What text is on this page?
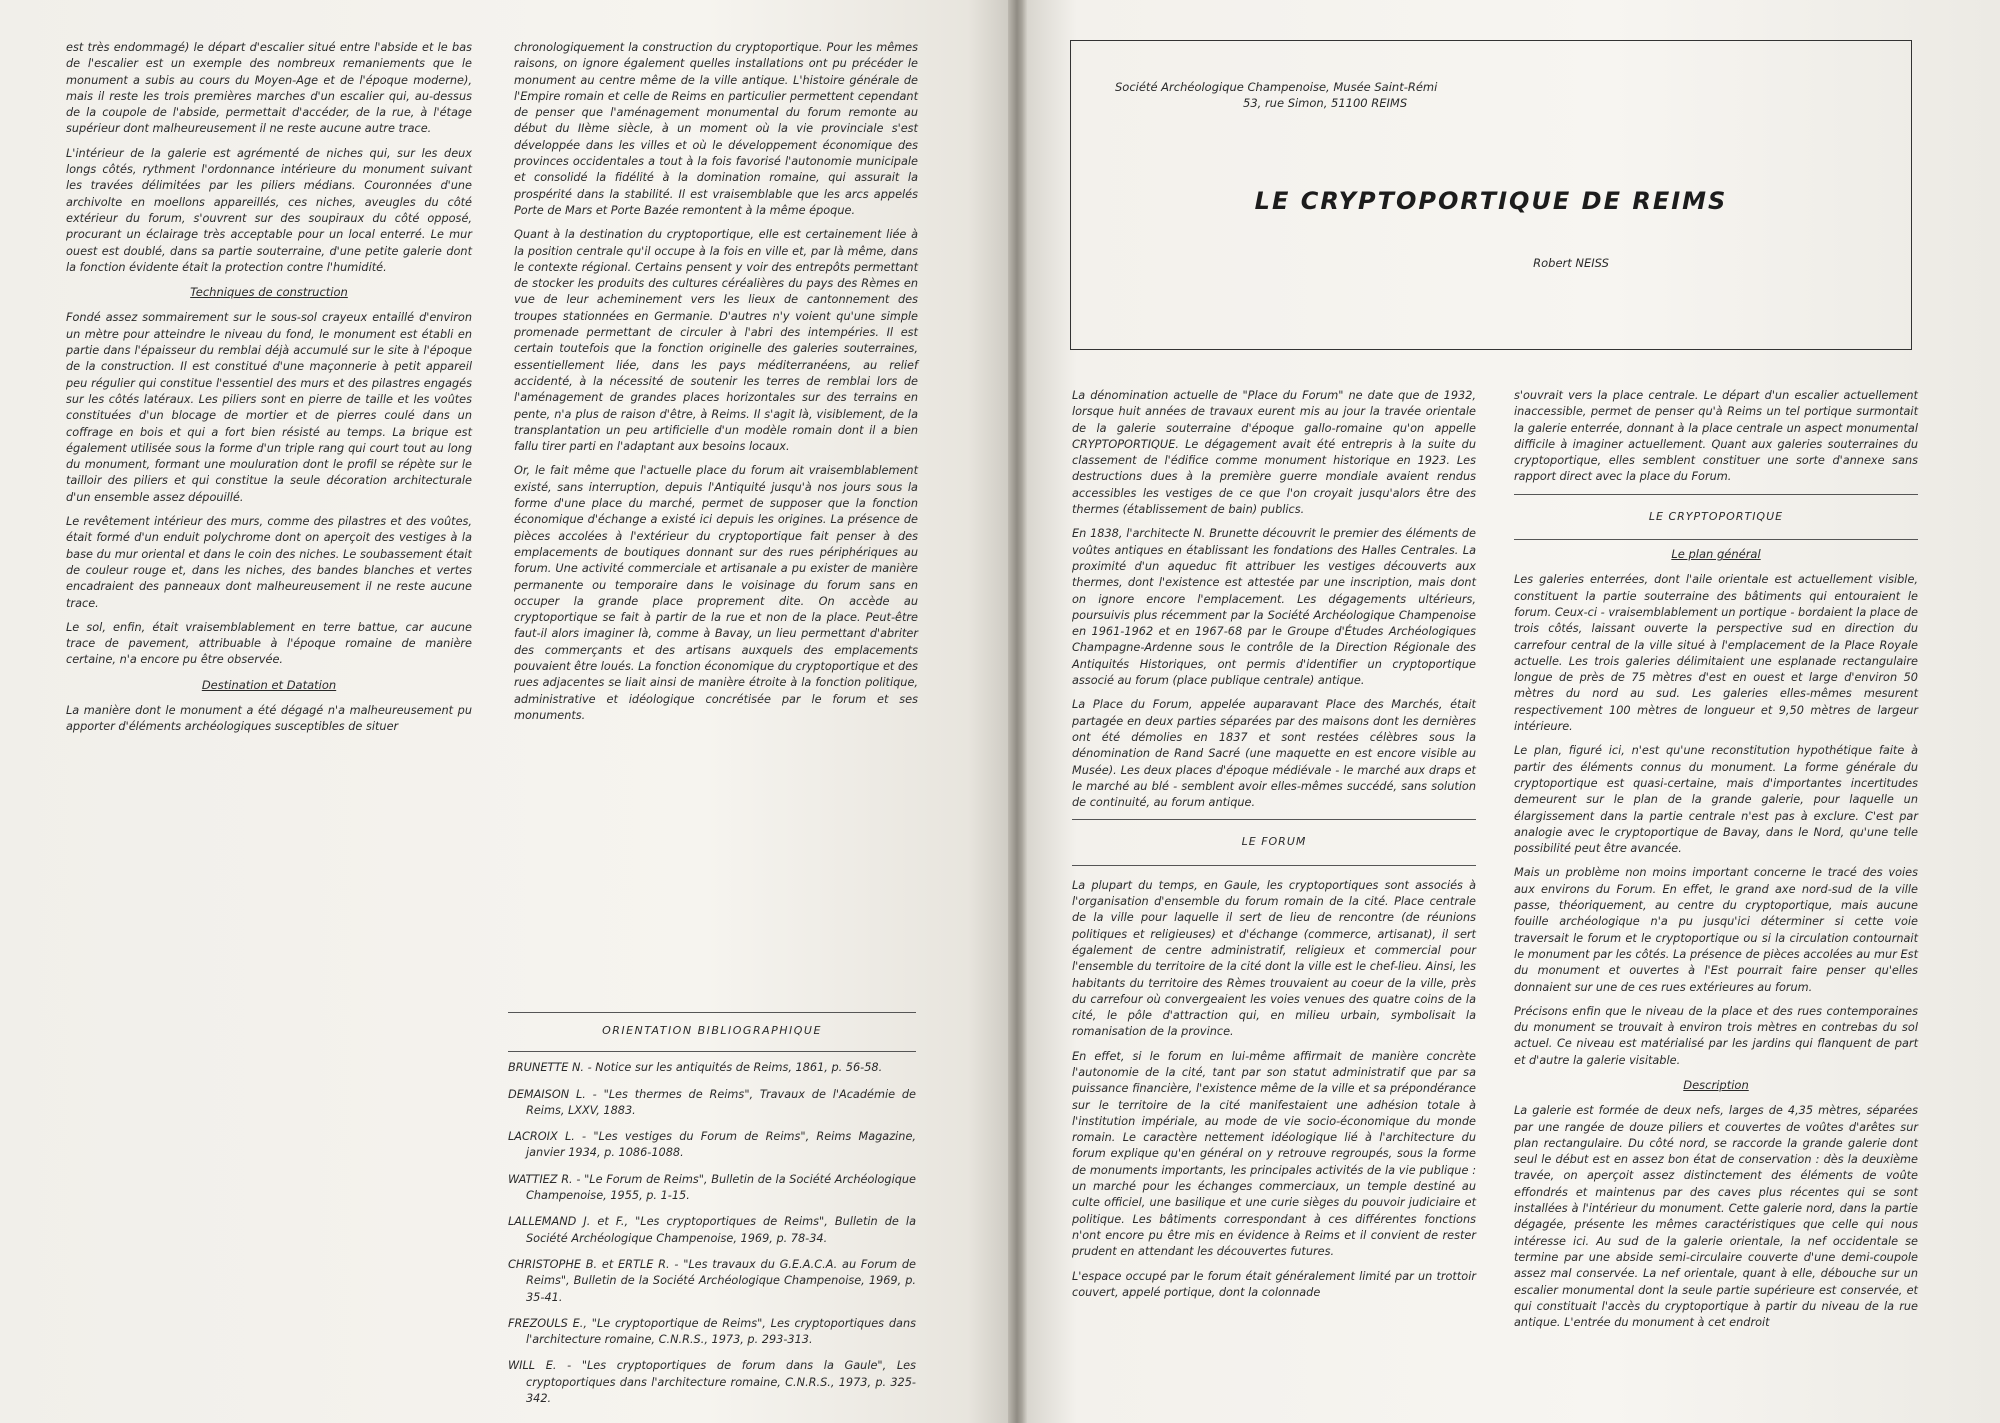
est très endommagé) le départ d'escalier situé entre l'abside et le bas de l'escalier est un exemple des nombreux remaniements que le monument a subis au cours du Moyen-Age et de l'époque moderne), mais il reste les trois premières marches d'un escalier qui, au-dessus de la coupole de l'abside, permettait d'accéder, de la rue, à l'étage supérieur dont malheureusement il ne reste aucune autre trace.

L'intérieur de la galerie est agrémenté de niches qui, sur les deux longs côtés, rythment l'ordonnance intérieure du monument suivant les travées délimitées par les piliers médians. Couronnées d'une archivolte en moellons appareillés, ces niches, aveugles du côté extérieur du forum, s'ouvrent sur des soupiraux du côté opposé, procurant un éclairage très acceptable pour un local enterré. Le mur ouest est doublé, dans sa partie souterraine, d'une petite galerie dont la fonction évidente était la protection contre l'humidité.

Techniques de construction

Fondé assez sommairement sur le sous-sol crayeux entaillé d'environ un mètre pour atteindre le niveau du fond, le monument est établi en partie dans l'épaisseur du remblai déjà accumulé sur le site à l'époque de la construction. Il est constitué d'une maçonnerie à petit appareil peu régulier qui constitue l'essentiel des murs et des pilastres engagés sur les côtés latéraux. Les piliers sont en pierre de taille et les voûtes constituées d'un blocage de mortier et de pierres coulé dans un coffrage en bois et qui a fort bien résisté au temps. La brique est également utilisée sous la forme d'un triple rang qui court tout au long du monument, formant une mouluration dont le profil se répète sur le tailloir des piliers et qui constitue la seule décoration architecturale d'un ensemble assez dépouillé.

Le revêtement intérieur des murs, comme des pilastres et des voûtes, était formé d'un enduit polychrome dont on aperçoit des vestiges à la base du mur oriental et dans le coin des niches. Le soubassement était de couleur rouge et, dans les niches, des bandes blanches et vertes encadraient des panneaux dont malheureusement il ne reste aucune trace.

Le sol, enfin, était vraisemblablement en terre battue, car aucune trace de pavement, attribuable à l'époque romaine de manière certaine, n'a encore pu être observée.

Destination et Datation

La manière dont le monument a été dégagé n'a malheureusement pu apporter d'éléments archéologiques susceptibles de situer

chronologiquement la construction du cryptoportique. Pour les mêmes raisons, on ignore également quelles installations ont pu précéder le monument au centre même de la ville antique. L'histoire générale de l'Empire romain et celle de Reims en particulier permettent cependant de penser que l'aménagement monumental du forum remonte au début du IIème siècle, à un moment où la vie provinciale s'est développée dans les villes et où le développement économique des provinces occidentales a tout à la fois favorisé l'autonomie municipale et consolidé la fidélité à la domination romaine, qui assurait la prospérité dans la stabilité. Il est vraisemblable que les arcs appelés Porte de Mars et Porte Bazée remontent à la même époque.

Quant à la destination du cryptoportique, elle est certainement liée à la position centrale qu'il occupe à la fois en ville et, par là même, dans le contexte régional. Certains pensent y voir des entrepôts permettant de stocker les produits des cultures céréalières du pays des Rèmes en vue de leur acheminement vers les lieux de cantonnement des troupes stationnées en Germanie. D'autres n'y voient qu'une simple promenade permettant de circuler à l'abri des intempéries. Il est certain toutefois que la fonction originelle des galeries souterraines, essentiellement liée, dans les pays méditerranéens, au relief accidenté, à la nécessité de soutenir les terres de remblai lors de l'aménagement de grandes places horizontales sur des terrains en pente, n'a plus de raison d'être, à Reims. Il s'agit là, visiblement, de la transplantation un peu artificielle d'un modèle romain dont il a bien fallu tirer parti en l'adaptant aux besoins locaux.

Or, le fait même que l'actuelle place du forum ait vraisemblablement existé, sans interruption, depuis l'Antiquité jusqu'à nos jours sous la forme d'une place du marché, permet de supposer que la fonction économique d'échange a existé ici depuis les origines. La présence de pièces accolées à l'extérieur du cryptoportique fait penser à des emplacements de boutiques donnant sur des rues périphériques au forum. Une activité commerciale et artisanale a pu exister de manière permanente ou temporaire dans le voisinage du forum sans en occuper la grande place proprement dite. On accède au cryptoportique se fait à partir de la rue et non de la place. Peut-être faut-il alors imaginer là, comme à Bavay, un lieu permettant d'abriter des commerçants et des artisans auxquels des emplacements pouvaient être loués. La fonction économique du cryptoportique et des rues adjacentes se liait ainsi de manière étroite à la fonction politique, administrative et idéologique concrétisée par le forum et ses monuments.

ORIENTATION BIBLIOGRAPHIQUE
BRUNETTE N. - Notice sur les antiquités de Reims, 1861, p. 56-58.
DEMAISON L. - "Les thermes de Reims", Travaux de l'Académie de Reims, LXXV, 1883.
LACROIX L. - "Les vestiges du Forum de Reims", Reims Magazine, janvier 1934, p. 1086-1088.
WATTIEZ R. - "Le Forum de Reims", Bulletin de la Société Archéologique Champenoise, 1955, p. 1-15.
LALLEMAND J. et F., "Les cryptoportiques de Reims", Bulletin de la Société Archéologique Champenoise, 1969, p. 78-34.
CHRISTOPHE B. et ERTLE R. - "Les travaux du G.E.A.C.A. au Forum de Reims", Bulletin de la Société Archéologique Champenoise, 1969, p. 35-41.
FREZOULS E., "Le cryptoportique de Reims", Les cryptoportiques dans l'architecture romaine, C.N.R.S., 1973, p. 293-313.
WILL E. - "Les cryptoportiques de forum dans la Gaule", Les cryptoportiques dans l'architecture romaine, C.N.R.S., 1973, p. 325-342.
Société Archéologique Champenoise, Musée Saint-Rémi
53, rue Simon, 51100 REIMS
LE CRYPTOPORTIQUE DE REIMS
Robert NEISS

La dénomination actuelle de "Place du Forum" ne date que de 1932, lorsque huit années de travaux eurent mis au jour la travée orientale de la galerie souterraine d'époque gallo-romaine qu'on appelle CRYPTOPORTIQUE. Le dégagement avait été entrepris à la suite du classement de l'édifice comme monument historique en 1923. Les destructions dues à la première guerre mondiale avaient rendus accessibles les vestiges de ce que l'on croyait jusqu'alors être des thermes (établissement de bain) publics.

En 1838, l'architecte N. Brunette découvrit le premier des éléments de voûtes antiques en établissant les fondations des Halles Centrales. La proximité d'un aqueduc fit attribuer les vestiges découverts aux thermes, dont l'existence est attestée par une inscription, mais dont on ignore encore l'emplacement. Les dégagements ultérieurs, poursuivis plus récemment par la Société Archéologique Champenoise en 1961-1962 et en 1967-68 par le Groupe d'Études Archéologiques Champagne-Ardenne sous le contrôle de la Direction Régionale des Antiquités Historiques, ont permis d'identifier un cryptoportique associé au forum (place publique centrale) antique.

La Place du Forum, appelée auparavant Place des Marchés, était partagée en deux parties séparées par des maisons dont les dernières ont été démolies en 1837 et sont restées célèbres sous la dénomination de Rand Sacré (une maquette en est encore visible au Musée). Les deux places d'époque médiévale - le marché aux draps et le marché au blé - semblent avoir elles-mêmes succédé, sans solution de continuité, au forum antique.

LE FORUM

La plupart du temps, en Gaule, les cryptoportiques sont associés à l'organisation d'ensemble du forum romain de la cité. Place centrale de la ville pour laquelle il sert de lieu de rencontre (de réunions politiques et religieuses) et d'échange (commerce, artisanat), il sert également de centre administratif, religieux et commercial pour l'ensemble du territoire de la cité dont la ville est le chef-lieu. Ainsi, les habitants du territoire des Rèmes trouvaient au coeur de la ville, près du carrefour où convergeaient les voies venues des quatre coins de la cité, le pôle d'attraction qui, en milieu urbain, symbolisait la romanisation de la province.

En effet, si le forum en lui-même affirmait de manière concrète l'autonomie de la cité, tant par son statut administratif que par sa puissance financière, l'existence même de la ville et sa prépondérance sur le territoire de la cité manifestaient une adhésion totale à l'institution impériale, au mode de vie socio-économique du monde romain. Le caractère nettement idéologique lié à l'architecture du forum explique qu'en général on y retrouve regroupés, sous la forme de monuments importants, les principales activités de la vie publique : un marché pour les échanges commerciaux, un temple destiné au culte officiel, une basilique et une curie sièges du pouvoir judiciaire et politique. Les bâtiments correspondant à ces différentes fonctions n'ont encore pu être mis en évidence à Reims et il convient de rester prudent en attendant les découvertes futures.

L'espace occupé par le forum était généralement limité par un trottoir couvert, appelé portique, dont la colonnade

s'ouvrait vers la place centrale. Le départ d'un escalier actuellement inaccessible, permet de penser qu'à Reims un tel portique surmontait la galerie enterrée, donnant à la place centrale un aspect monumental difficile à imaginer actuellement. Quant aux galeries souterraines du cryptoportique, elles semblent constituer une sorte d'annexe sans rapport direct avec la place du Forum.

LE CRYPTOPORTIQUE
Le plan général

Les galeries enterrées, dont l'aile orientale est actuellement visible, constituent la partie souterraine des bâtiments qui entouraient le forum. Ceux-ci - vraisemblablement un portique - bordaient la place de trois côtés, laissant ouverte la perspective sud en direction du carrefour central de la ville situé à l'emplacement de la Place Royale actuelle. Les trois galeries délimitaient une esplanade rectangulaire longue de près de 75 mètres d'est en ouest et large d'environ 50 mètres du nord au sud. Les galeries elles-mêmes mesurent respectivement 100 mètres de longueur et 9,50 mètres de largeur intérieure.

Le plan, figuré ici, n'est qu'une reconstitution hypothétique faite à partir des éléments connus du monument. La forme générale du cryptoportique est quasi-certaine, mais d'importantes incertitudes demeurent sur le plan de la grande galerie, pour laquelle un élargissement dans la partie centrale n'est pas à exclure. C'est par analogie avec le cryptoportique de Bavay, dans le Nord, qu'une telle possibilité peut être avancée.

Mais un problème non moins important concerne le tracé des voies aux environs du Forum. En effet, le grand axe nord-sud de la ville passe, théoriquement, au centre du cryptoportique, mais aucune fouille archéologique n'a pu jusqu'ici déterminer si cette voie traversait le forum et le cryptoportique ou si la circulation contournait le monument par les côtés. La présence de pièces accolées au mur Est du monument et ouvertes à l'Est pourrait faire penser qu'elles donnaient sur une de ces rues extérieures au forum.

Précisons enfin que le niveau de la place et des rues contemporaines du monument se trouvait à environ trois mètres en contrebas du sol actuel. Ce niveau est matérialisé par les jardins qui flanquent de part et d'autre la galerie visitable.

Description

La galerie est formée de deux nefs, larges de 4,35 mètres, séparées par une rangée de douze piliers et couvertes de voûtes d'arêtes sur plan rectangulaire. Du côté nord, se raccorde la grande galerie dont seul le début est en assez bon état de conservation : dès la deuxième travée, on aperçoit assez distinctement des éléments de voûte effondrés et maintenus par des caves plus récentes qui se sont installées à l'intérieur du monument. Cette galerie nord, dans la partie dégagée, présente les mêmes caractéristiques que celle qui nous intéresse ici. Au sud de la galerie orientale, la nef occidentale se termine par une abside semi-circulaire couverte d'une demi-coupole assez mal conservée. La nef orientale, quant à elle, débouche sur un escalier monumental dont la seule partie supérieure est conservée, et qui constituait l'accès du cryptoportique à partir du niveau de la rue antique. L'entrée du monument à cet endroit
